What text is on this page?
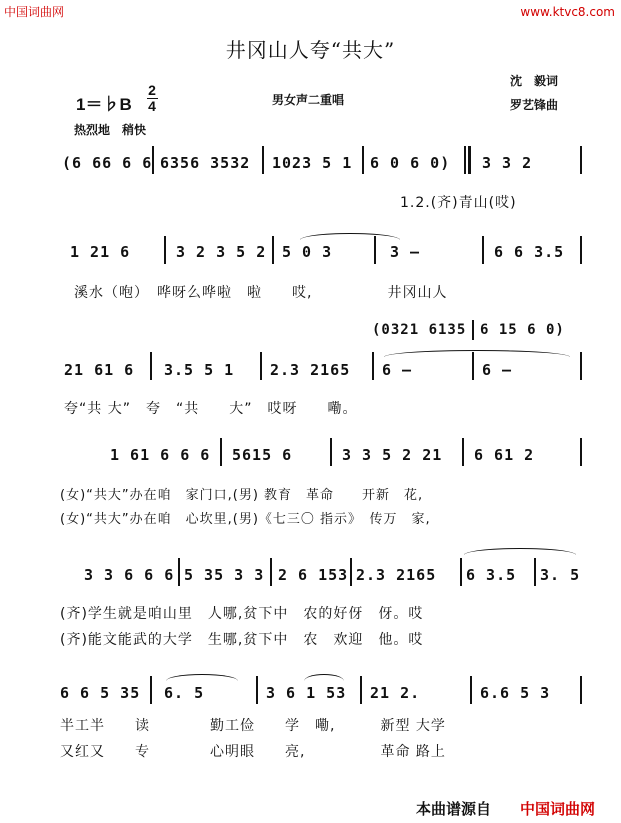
中国词曲网	www.ktvc8.com
井冈山人夸“共大”
1＝♭B
2
4	男女声二重唱
沈　毅词
罗艺锋曲
热烈地　稍快
(6 66 6 6 6356 3532 1023 5 1 6 0 6 0) 3 3 2
1.2.(齐)青山(哎)
1 21 6	3 2 3 5 2 5 0 3	3 –	6 6 3.5
溪水（咆）　哗呀么哗啦　啦　　哎,　　　　　井冈山人
(0321 6135 6 15 6 0)
21 61 6 3.5 5 1 2.3 2165 6 –	6 –
夸“共 大”　夸　“共　　大”　哎呀　　嘞。
1 61 6 6 6 5615 6	3 3 5 2 21 6 61 2
(女)“共大”办在咱　家门口,(男) 教育　革命　　开新　花,
(女)“共大”办在咱　心坎里,(男)《七三〇 指示》　传万　家,
3 3 6 6 6 5 35 3 3 2 6 153 2.3 2165 6 3.5 3. 5
(齐)学生就是咱山里　人哪,贫下中　农的好伢　伢。哎
(齐)能文能武的大学　生哪,贫下中　农　欢迎　他。哎
6 6 5 35 6. 5	3 6 1 53 21 2.	6.6 5 3
半工半　　读　　　　勤工俭　　学　嘞,　　　新型 大学
又红又　　专　　　　心明眼　　亮,　　　　　革命 路上
本曲谱源自 中国词曲网
